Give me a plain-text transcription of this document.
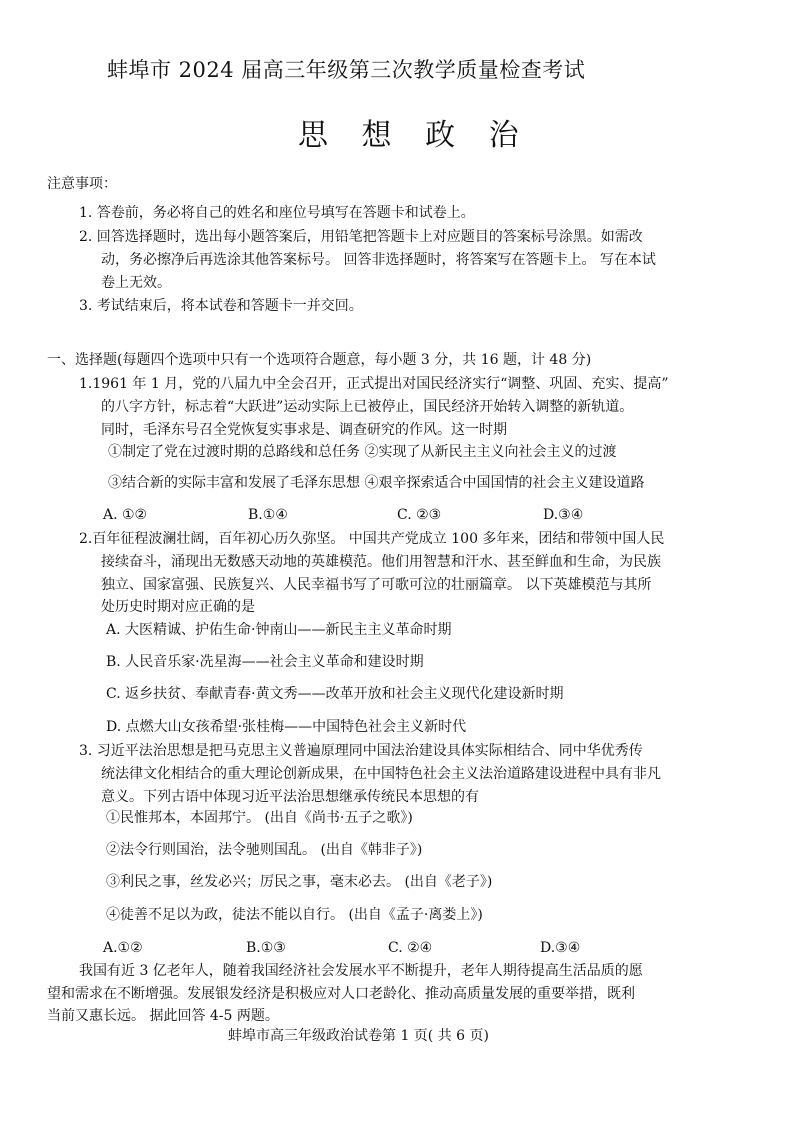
蚌埠市 2024 届高三年级第三次教学质量检查考试
思 想 政 治
注意事项：
1. 答卷前，务必将自己的姓名和座位号填写在答题卡和试卷上。
2. 回答选择题时，选出每小题答案后，用铅笔把答题卡上对应题目的答案标号涂黑。如需改
动，务必擦净后再选涂其他答案标号。 回答非选择题时，将答案写在答题卡上。 写在本试
卷上无效。
3. 考试结束后，将本试卷和答题卡一并交回。
一、选择题(每题四个选项中只有一个选项符合题意，每小题 3 分，共 16 题，计 48 分)
1.1961 年 1 月，党的八届九中全会召开，正式提出对国民经济实行“调整、巩固、充实、提高”
的八字方针，标志着“大跃进”运动实际上已被停止，国民经济开始转入调整的新轨道。
同时，毛泽东号召全党恢复实事求是、调查研究的作风。这一时期
①制定了党在过渡时期的总路线和总任务 ②实现了从新民主主义向社会主义的过渡
③结合新的实际丰富和发展了毛泽东思想 ④艰辛探索适合中国国情的社会主义建设道路
A. ①②	B.①④	C. ②③	D.③④
2.百年征程波澜壮阔，百年初心历久弥坚。 中国共产党成立 100 多年来，团结和带领中国人民
接续奋斗，涌现出无数感天动地的英雄模范。他们用智慧和汗水、甚至鲜血和生命，为民族
独立、国家富强、民族复兴、人民幸福书写了可歌可泣的壮丽篇章。 以下英雄模范与其所
处历史时期对应正确的是
A. 大医精诚、护佑生命·钟南山——新民主主义革命时期
B. 人民音乐家·冼星海——社会主义革命和建设时期
C. 返乡扶贫、奉献青春·黄文秀——改革开放和社会主义现代化建设新时期
D. 点燃大山女孩希望·张桂梅——中国特色社会主义新时代
3. 习近平法治思想是把马克思主义普遍原理同中国法治建设具体实际相结合、同中华优秀传
统法律文化相结合的重大理论创新成果，在中国特色社会主义法治道路建设进程中具有非凡
意义。下列古语中体现习近平法治思想继承传统民本思想的有
①民惟邦本，本固邦宁。 (出自《尚书·五子之歌》)
②法令行则国治，法令驰则国乱。 (出自《韩非子》)
③利民之事，丝发必兴；厉民之事，毫末必去。 (出自《老子》)
④徒善不足以为政，徒法不能以自行。 (出自《孟子·离娄上》)
A.①②	B.①③	C. ②④	D.③④
我国有近 3 亿老年人，随着我国经济社会发展水平不断提升，老年人期待提高生活品质的愿
望和需求在不断增强。发展银发经济是积极应对人口老龄化、推动高质量发展的重要举措，既利
当前又惠长远。 据此回答 4-5 两题。
蚌埠市高三年级政治试卷第 1 页( 共 6 页)
